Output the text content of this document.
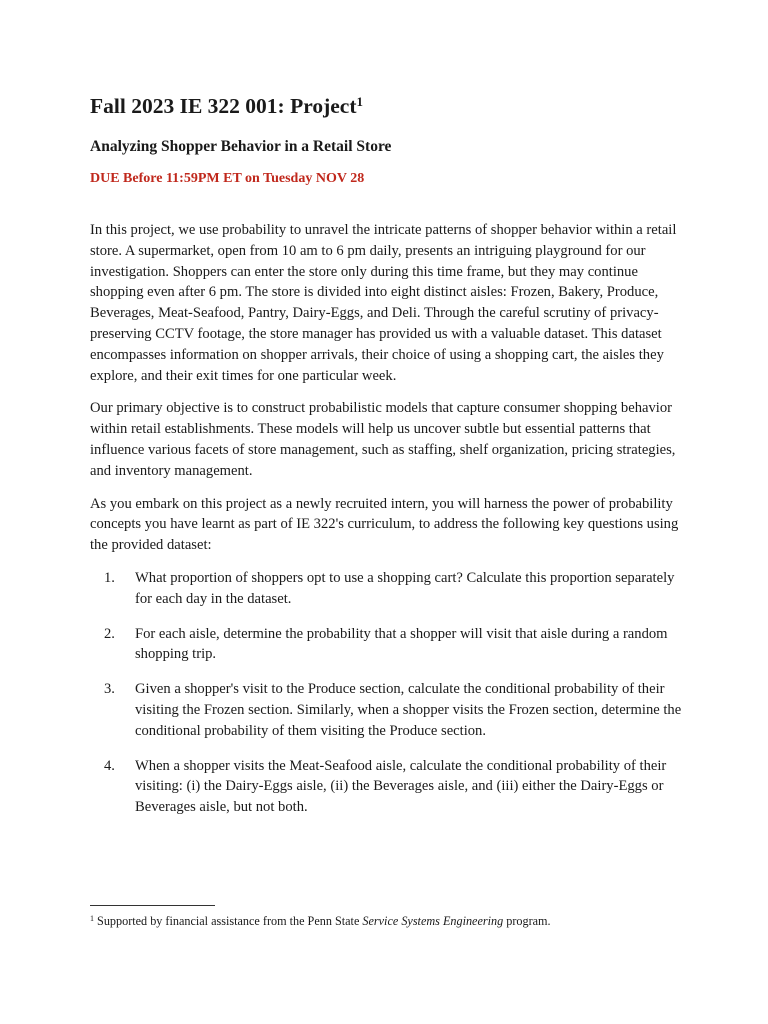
Fall 2023 IE 322 001: Project$^1$
Analyzing Shopper Behavior in a Retail Store
DUE Before 11:59PM ET on Tuesday NOV 28

In this project, we use probability to unravel the intricate patterns of shopper behavior within a retail store. A supermarket, open from 10 am to 6 pm daily, presents an intriguing playground for our investigation. Shoppers can enter the store only during this time frame, but they may continue shopping even after 6 pm. The store is divided into eight distinct aisles: Frozen, Bakery, Produce, Beverages, Meat-Seafood, Pantry, Dairy-Eggs, and Deli. Through the careful scrutiny of privacy-preserving CCTV footage, the store manager has provided us with a valuable dataset. This dataset encompasses information on shopper arrivals, their choice of using a shopping cart, the aisles they explore, and their exit times for one particular week.

Our primary objective is to construct probabilistic models that capture consumer shopping behavior within retail establishments. These models will help us uncover subtle but essential patterns that influence various facets of store management, such as staffing, shelf organization, pricing strategies, and inventory management.

As you embark on this project as a newly recruited intern, you will harness the power of probability concepts you have learnt as part of IE 322's curriculum, to address the following key questions using the provided dataset:

1. What proportion of shoppers opt to use a shopping cart? Calculate this proportion separately for each day in the dataset.
2. For each aisle, determine the probability that a shopper will visit that aisle during a random shopping trip.
3. Given a shopper's visit to the Produce section, calculate the conditional probability of their visiting the Frozen section. Similarly, when a shopper visits the Frozen section, determine the conditional probability of them visiting the Produce section.
4. When a shopper visits the Meat-Seafood aisle, calculate the conditional probability of their visiting: (i) the Dairy-Eggs aisle, (ii) the Beverages aisle, and (iii) either the Dairy-Eggs or Beverages aisle, but not both.
$^1$ Supported by financial assistance from the Penn State Service Systems Engineering program.
